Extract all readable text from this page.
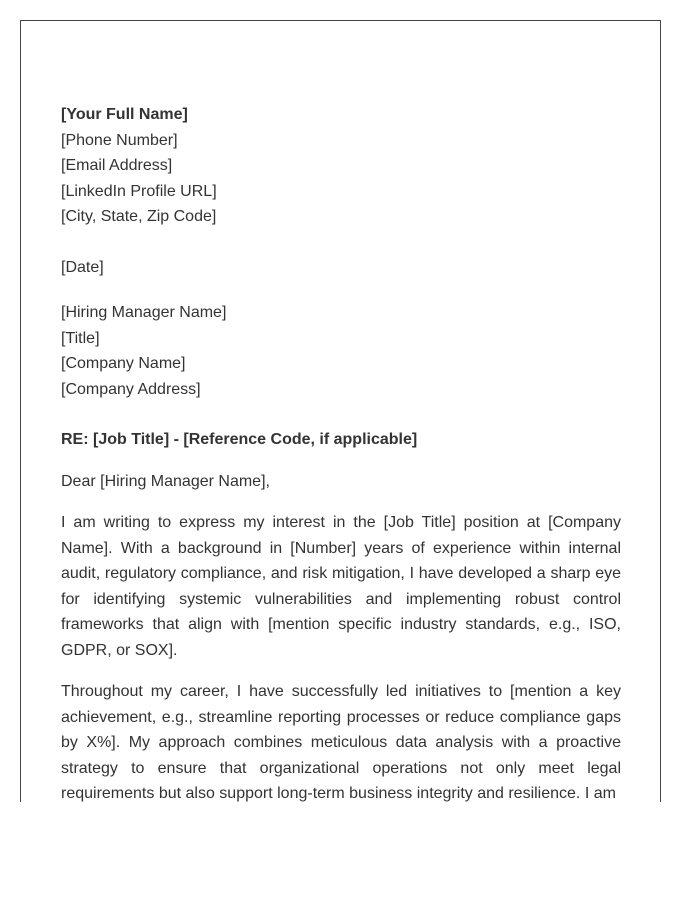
[Your Full Name]
[Phone Number]
[Email Address]
[LinkedIn Profile URL]
[City, State, Zip Code]
[Date]
[Hiring Manager Name]
[Title]
[Company Name]
[Company Address]
RE: [Job Title] - [Reference Code, if applicable]
Dear [Hiring Manager Name],

I am writing to express my interest in the [Job Title] position at [Company Name]. With a background in [Number] years of experience within internal audit, regulatory compliance, and risk mitigation, I have developed a sharp eye for identifying systemic vulnerabilities and implementing robust control frameworks that align with [mention specific industry standards, e.g., ISO, GDPR, or SOX].

Throughout my career, I have successfully led initiatives to [mention a key achievement, e.g., streamline reporting processes or reduce compliance gaps by X%]. My approach combines meticulous data analysis with a proactive strategy to ensure that organizational operations not only meet legal requirements but also support long-term business integrity and resilience. I am
